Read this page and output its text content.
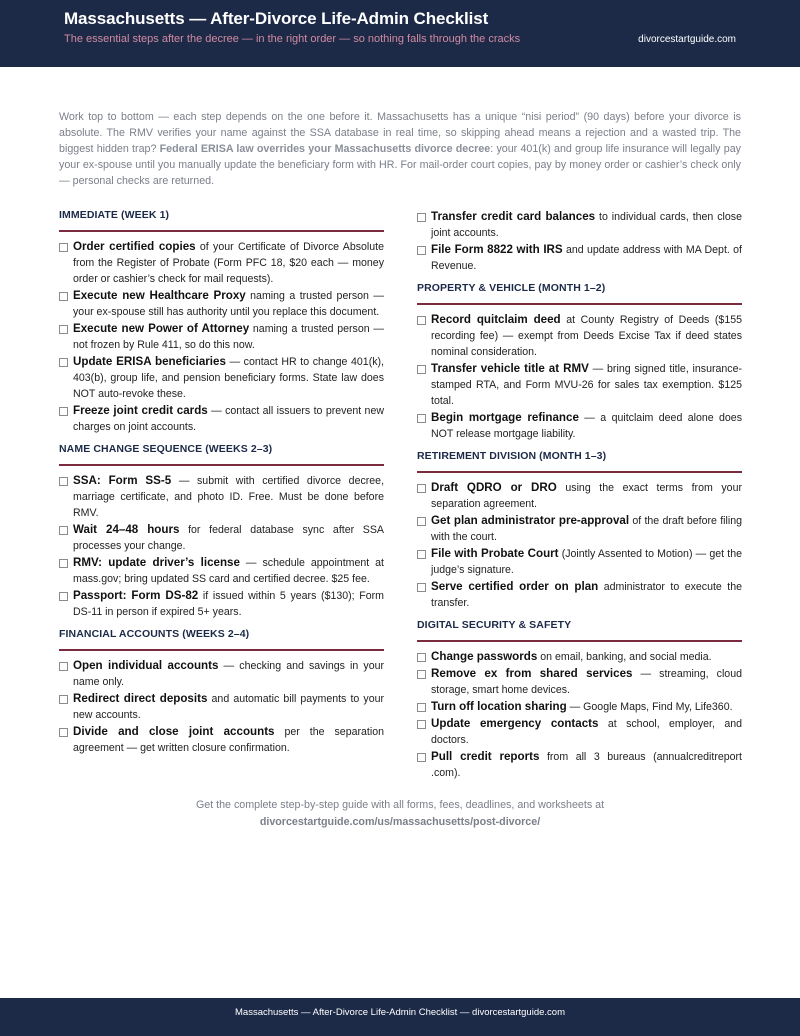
Massachusetts — After-Divorce Life-Admin Checklist
The essential steps after the decree — in the right order — so nothing falls through the cracks	divorcestartguide.com

Work top to bottom — each step depends on the one before it. Massachusetts has a unique “nisi period” (90 days) before your divorce is absolute. The RMV verifies your name against the SSA database in real time, so skipping ahead means a rejection and a wasted trip. The biggest hidden trap? Federal ERISA law overrides your Massachusetts divorce decree: your 401(k) and group life insurance will legally pay your ex-spouse until you manually update the beneficiary form with HR. For mail-order court copies, pay by money order or cashier’s check only — personal checks are returned.

IMMEDIATE (WEEK 1)
Order certified copies of your Certificate of Divorce Absolute from the Register of Probate (Form PFC 18, $20 each — money order or cashier’s check for mail requests).
Execute new Healthcare Proxy naming a trusted person — your ex-spouse still has authority until you replace this document.
Execute new Power of Attorney naming a trusted person — not frozen by Rule 411, so do this now.
Update ERISA beneficiaries — contact HR to change 401(k), 403(b), group life, and pension beneficiary forms. State law does NOT auto-revoke these.
Freeze joint credit cards — contact all issuers to prevent new charges on joint accounts.
NAME CHANGE SEQUENCE (WEEKS 2–3)
SSA: Form SS-5 — submit with certified divorce decree, marriage certificate, and photo ID. Free. Must be done before RMV.
Wait 24–48 hours for federal database sync after SSA processes your change.
RMV: update driver’s license — schedule appointment at mass.gov; bring updated SS card and certified decree. $25 fee.
Passport: Form DS-82 if issued within 5 years ($130); Form DS-11 in person if expired 5+ years.
FINANCIAL ACCOUNTS (WEEKS 2–4)
Open individual accounts — checking and savings in your name only.
Redirect direct deposits and automatic bill payments to your new accounts.
Divide and close joint accounts per the separation agreement — get written closure confirmation.
Transfer credit card balances to individual cards, then close joint accounts.
File Form 8822 with IRS and update address with MA Dept. of Revenue.
PROPERTY & VEHICLE (MONTH 1–2)
Record quitclaim deed at County Registry of Deeds ($155 recording fee) — exempt from Deeds Excise Tax if deed states nominal consideration.
Transfer vehicle title at RMV — bring signed title, insurance-stamped RTA, and Form MVU-26 for sales tax exemption. $125 total.
Begin mortgage refinance — a quitclaim deed alone does NOT release mortgage liability.
RETIREMENT DIVISION (MONTH 1–3)
Draft QDRO or DRO using the exact terms from your separation agreement.
Get plan administrator pre-approval of the draft before filing with the court.
File with Probate Court (Jointly Assented to Motion) — get the judge’s signature.
Serve certified order on plan administrator to execute the transfer.
DIGITAL SECURITY & SAFETY
Change passwords on email, banking, and social media.
Remove ex from shared services — streaming, cloud storage, smart home devices.
Turn off location sharing — Google Maps, Find My, Life360.
Update emergency contacts at school, employer, and doctors.
Pull credit reports from all 3 bureaus (annualcreditreport .com).
Get the complete step-by-step guide with all forms, fees, deadlines, and worksheets at
divorcestartguide.com/us/massachusetts/post-divorce/
Massachusetts — After-Divorce Life-Admin Checklist — divorcestartguide.com
